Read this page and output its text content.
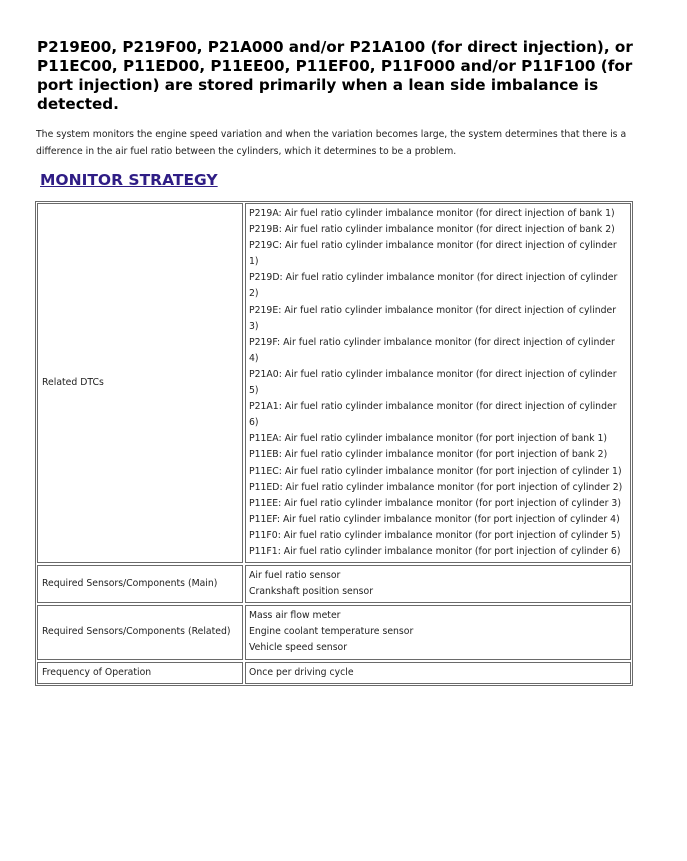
P219E00, P219F00, P21A000 and/or P21A100 (for direct injection), or P11EC00, P11ED00, P11EE00, P11EF00, P11F000 and/or P11F100 (for port injection) are stored primarily when a lean side imbalance is detected.

The system monitors the engine speed variation and when the variation becomes large, the system determines that there is a difference in the air fuel ratio between the cylinders, which it determines to be a problem.

MONITOR STRATEGY
Related DTCs
P219A: Air fuel ratio cylinder imbalance monitor (for direct injection of bank 1)
P219B: Air fuel ratio cylinder imbalance monitor (for direct injection of bank 2)
P219C: Air fuel ratio cylinder imbalance monitor (for direct injection of cylinder 1)
P219D: Air fuel ratio cylinder imbalance monitor (for direct injection of cylinder 2)
P219E: Air fuel ratio cylinder imbalance monitor (for direct injection of cylinder 3)
P219F: Air fuel ratio cylinder imbalance monitor (for direct injection of cylinder 4)
P21A0: Air fuel ratio cylinder imbalance monitor (for direct injection of cylinder 5)
P21A1: Air fuel ratio cylinder imbalance monitor (for direct injection of cylinder 6)
P11EA: Air fuel ratio cylinder imbalance monitor (for port injection of bank 1)
P11EB: Air fuel ratio cylinder imbalance monitor (for port injection of bank 2)
P11EC: Air fuel ratio cylinder imbalance monitor (for port injection of cylinder 1)
P11ED: Air fuel ratio cylinder imbalance monitor (for port injection of cylinder 2)
P11EE: Air fuel ratio cylinder imbalance monitor (for port injection of cylinder 3)
P11EF: Air fuel ratio cylinder imbalance monitor (for port injection of cylinder 4)
P11F0: Air fuel ratio cylinder imbalance monitor (for port injection of cylinder 5)
P11F1: Air fuel ratio cylinder imbalance monitor (for port injection of cylinder 6)
Required Sensors/Components (Main)
Air fuel ratio sensor
Crankshaft position sensor
Required Sensors/Components (Related)
Mass air flow meter
Engine coolant temperature sensor
Vehicle speed sensor
Frequency of Operation	Once per driving cycle
